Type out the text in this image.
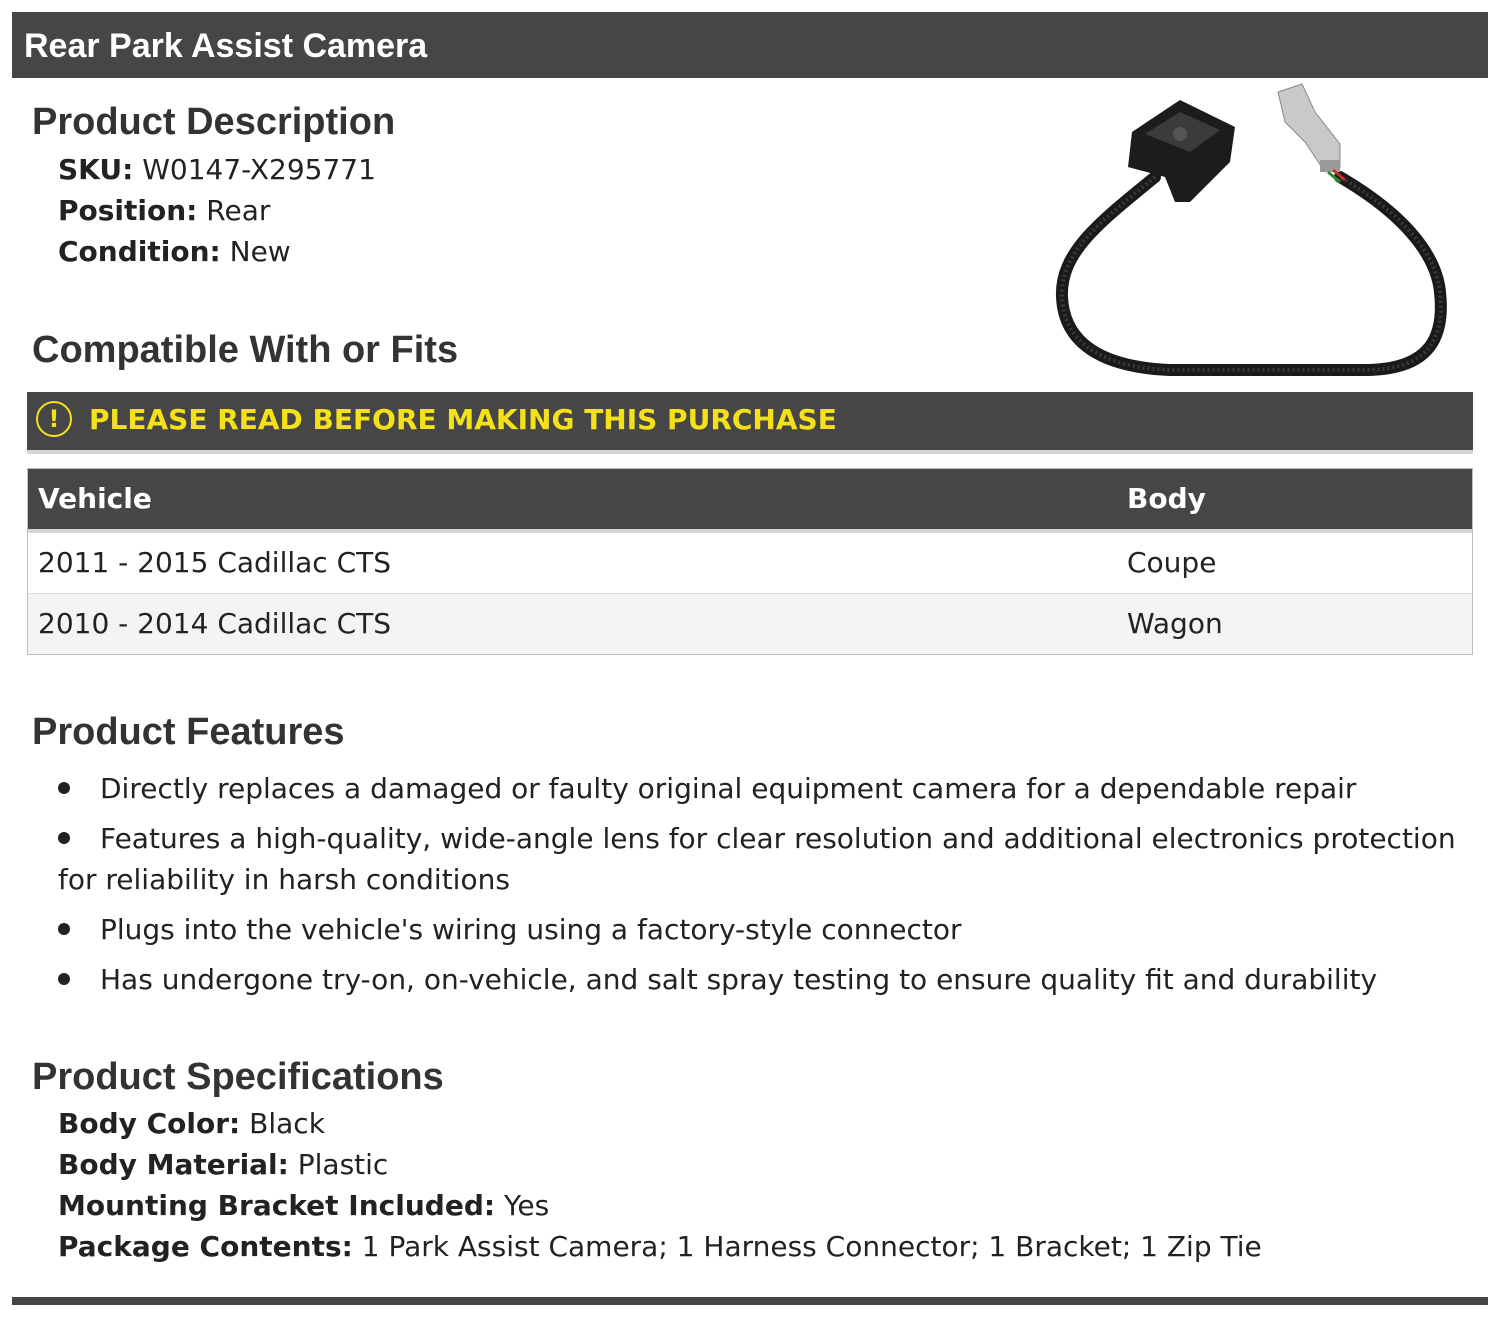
Rear Park Assist Camera
Product Description
SKU: W0147-X295771
Position: Rear
Condition: New
Compatible With or Fits
!	PLEASE READ BEFORE MAKING THIS PURCHASE
Vehicle	Body
2011 - 2015 Cadillac CTS	Coupe
2010 - 2014 Cadillac CTS	Wagon
Product Features
Directly replaces a damaged or faulty original equipment camera for a dependable repair
Features a high-quality, wide-angle lens for clear resolution and additional electronics protection for reliability in harsh conditions
Plugs into the vehicle's wiring using a factory-style connector
Has undergone try-on, on-vehicle, and salt spray testing to ensure quality fit and durability
Product Specifications
Body Color: Black
Body Material: Plastic
Mounting Bracket Included: Yes
Package Contents: 1 Park Assist Camera; 1 Harness Connector; 1 Bracket; 1 Zip Tie
